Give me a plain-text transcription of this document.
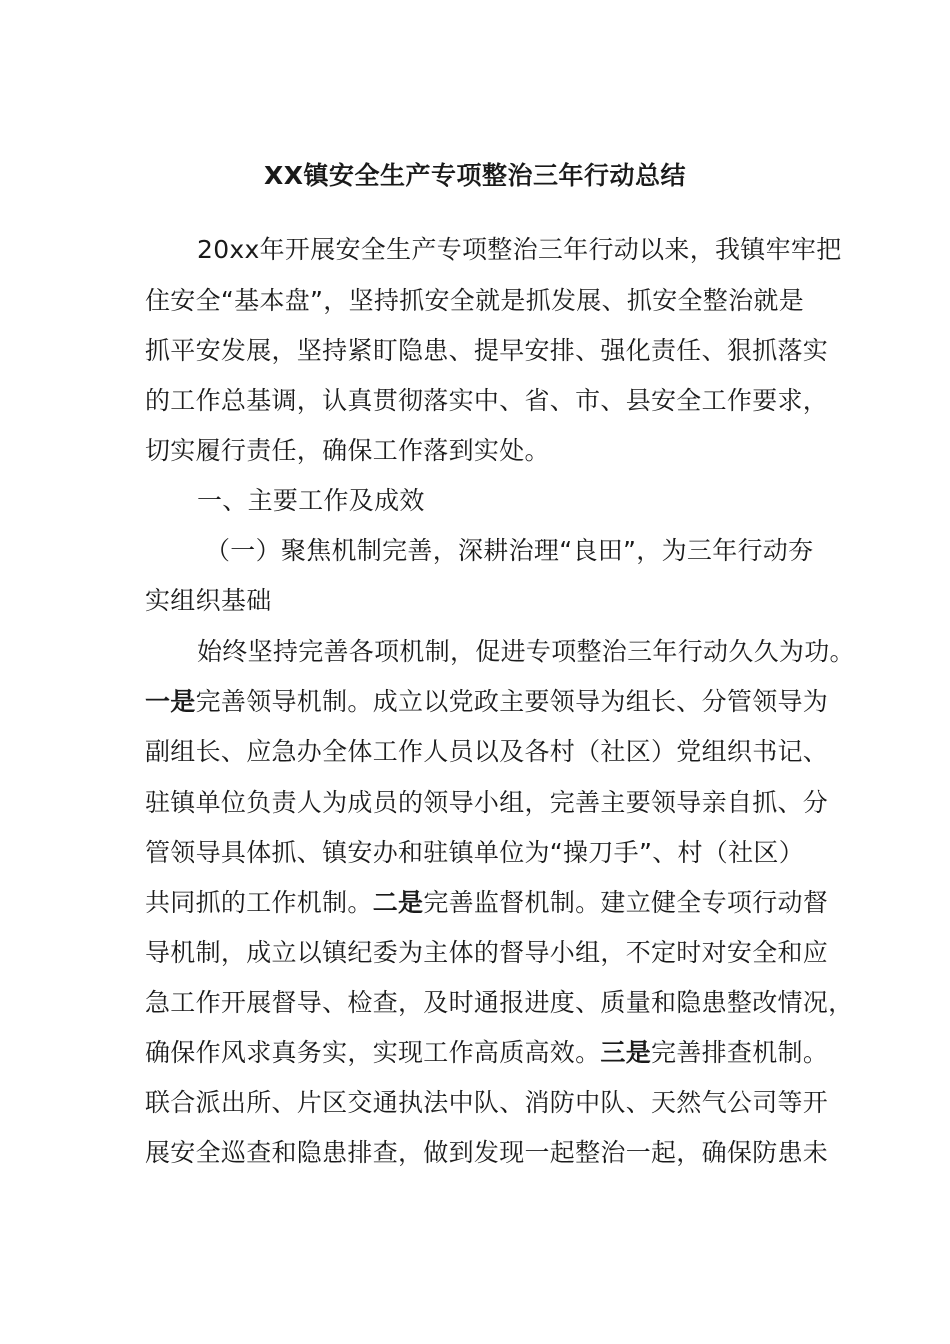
XX镇安全生产专项整治三年行动总结
20xx年开展安全生产专项整治三年行动以来，我镇牢牢把
住安全“基本盘”，坚持抓安全就是抓发展、抓安全整治就是
抓平安发展，坚持紧盯隐患、提早安排、强化责任、狠抓落实
的工作总基调，认真贯彻落实中、省、市、县安全工作要求，
切实履行责任，确保工作落到实处。
一、主要工作及成效
（一）聚焦机制完善，深耕治理“良田”，为三年行动夯
实组织基础
始终坚持完善各项机制，促进专项整治三年行动久久为功。
一是完善领导机制。成立以党政主要领导为组长、分管领导为
副组长、应急办全体工作人员以及各村（社区）党组织书记、
驻镇单位负责人为成员的领导小组，完善主要领导亲自抓、分
管领导具体抓、镇安办和驻镇单位为“操刀手”、村（社区）
共同抓的工作机制。二是完善监督机制。建立健全专项行动督
导机制，成立以镇纪委为主体的督导小组，不定时对安全和应
急工作开展督导、检查，及时通报进度、质量和隐患整改情况，
确保作风求真务实，实现工作高质高效。三是完善排查机制。
联合派出所、片区交通执法中队、消防中队、天然气公司等开
展安全巡查和隐患排查，做到发现一起整治一起，确保防患未
